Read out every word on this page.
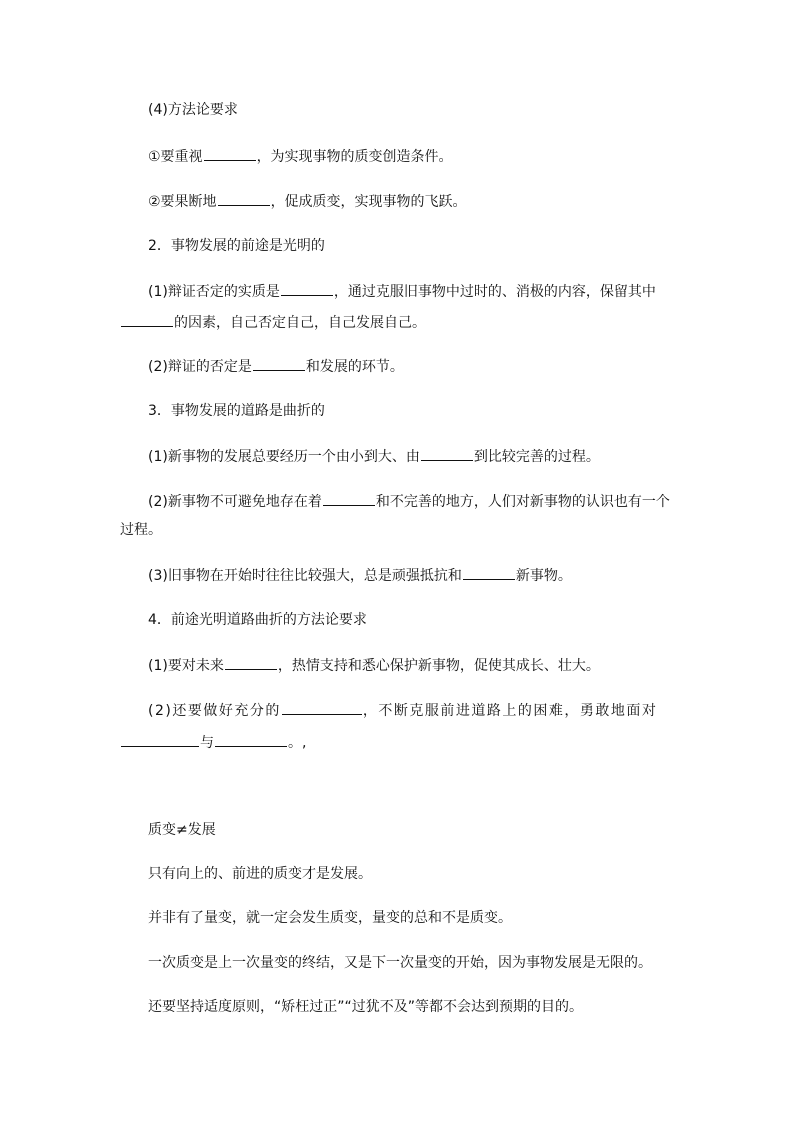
(4)方法论要求

①要重视	，为实现事物的质变创造条件。

②要果断地	，促成质变，实现事物的飞跃。

2．事物发展的前途是光明的

(1)辩证否定的实质是	，通过克服旧事物中过时的、消极的内容，保留其中

的因素，自己否定自己，自己发展自己。

(2)辩证的否定是	和发展的环节。

3．事物发展的道路是曲折的

(1)新事物的发展总要经历一个由小到大、由	到比较完善的过程。

(2)新事物不可避免地存在着	和不完善的地方，人们对新事物的认识也有一个

过程。

(3)旧事物在开始时往往比较强大，总是顽强抵抗和	新事物。

4．前途光明道路曲折的方法论要求

(1)要对未来	，热情支持和悉心保护新事物，促使其成长、壮大。

(2)还要做好充分的	，不断克服前进道路上的困难，勇敢地面对

与	。,

质变≠发展

只有向上的、前进的质变才是发展。

并非有了量变，就一定会发生质变，量变的总和不是质变。

一次质变是上一次量变的终结，又是下一次量变的开始，因为事物发展是无限的。

还要坚持适度原则，“矫枉过正”“过犹不及”等都不会达到预期的目的。
